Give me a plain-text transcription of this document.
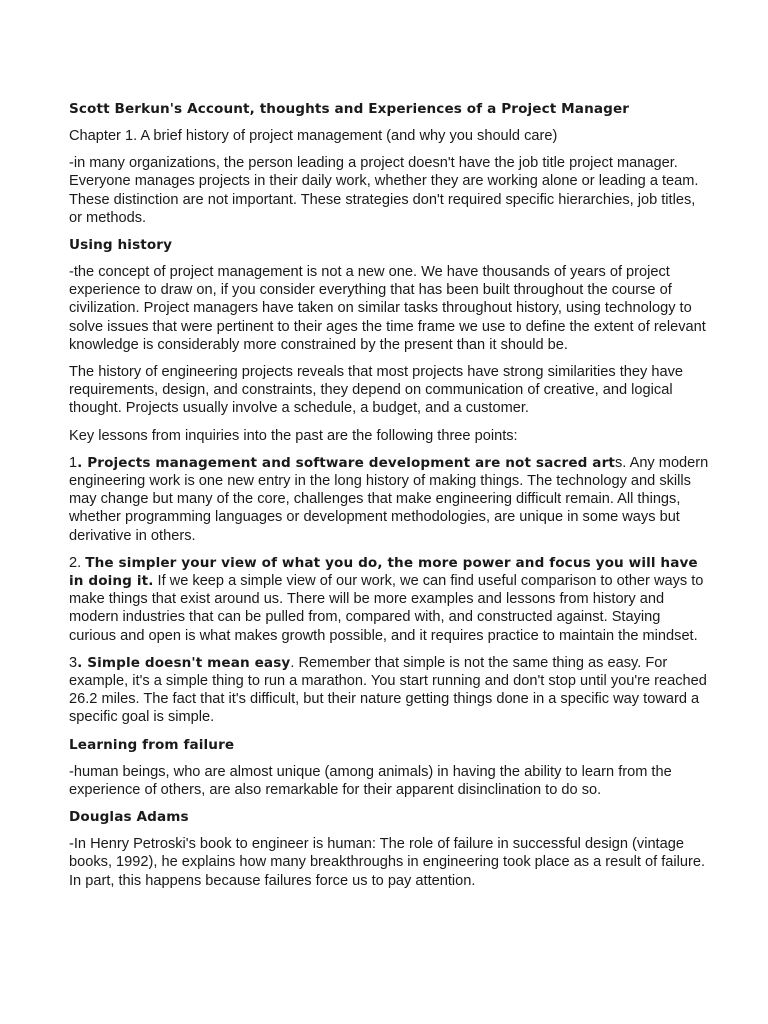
Scott Berkun's Account, thoughts and Experiences of a Project Manager
Chapter 1. A brief history of project management (and why you should care)
-in many organizations, the person leading a project doesn't have the job title project manager. Everyone manages projects in their daily work, whether they are working alone or leading a team. These distinction are not important. These strategies don't required specific hierarchies, job titles, or methods.
Using history
-the concept of project management is not a new one. We have thousands of years of project experience to draw on, if you consider everything that has been built throughout the course of civilization. Project managers have taken on similar tasks throughout history, using technology to solve issues that were pertinent to their ages the time frame we use to define the extent of relevant knowledge is considerably more constrained by the present than it should be.
The history of engineering projects reveals that most projects have strong similarities they have requirements, design, and constraints, they depend on communication of creative, and logical thought. Projects usually involve a schedule, a budget, and a customer.
Key lessons from inquiries into the past are the following three points:
1. Projects management and software development are not sacred arts. Any modern engineering work is one new entry in the long history of making things. The technology and skills may change but many of the core, challenges that make engineering difficult remain. All things, whether programming languages or development methodologies, are unique in some ways but derivative in others.
2. The simpler your view of what you do, the more power and focus you will have in doing it. If we keep a simple view of our work, we can find useful comparison to other ways to make things that exist around us. There will be more examples and lessons from history and modern industries that can be pulled from, compared with, and constructed against. Staying curious and open is what makes growth possible, and it requires practice to maintain the mindset.
3. Simple doesn't mean easy. Remember that simple is not the same thing as easy. For example, it's a simple thing to run a marathon. You start running and don't stop until you're reached 26.2 miles. The fact that it's difficult, but their nature getting things done in a specific way toward a specific goal is simple.
Learning from failure
-human beings, who are almost unique (among animals) in having the ability to learn from the experience of others, are also remarkable for their apparent disinclination to do so.
Douglas Adams
-In Henry Petroski's book to engineer is human: The role of failure in successful design (vintage books, 1992), he explains how many breakthroughs in engineering took place as a result of failure. In part, this happens because failures force us to pay attention.
